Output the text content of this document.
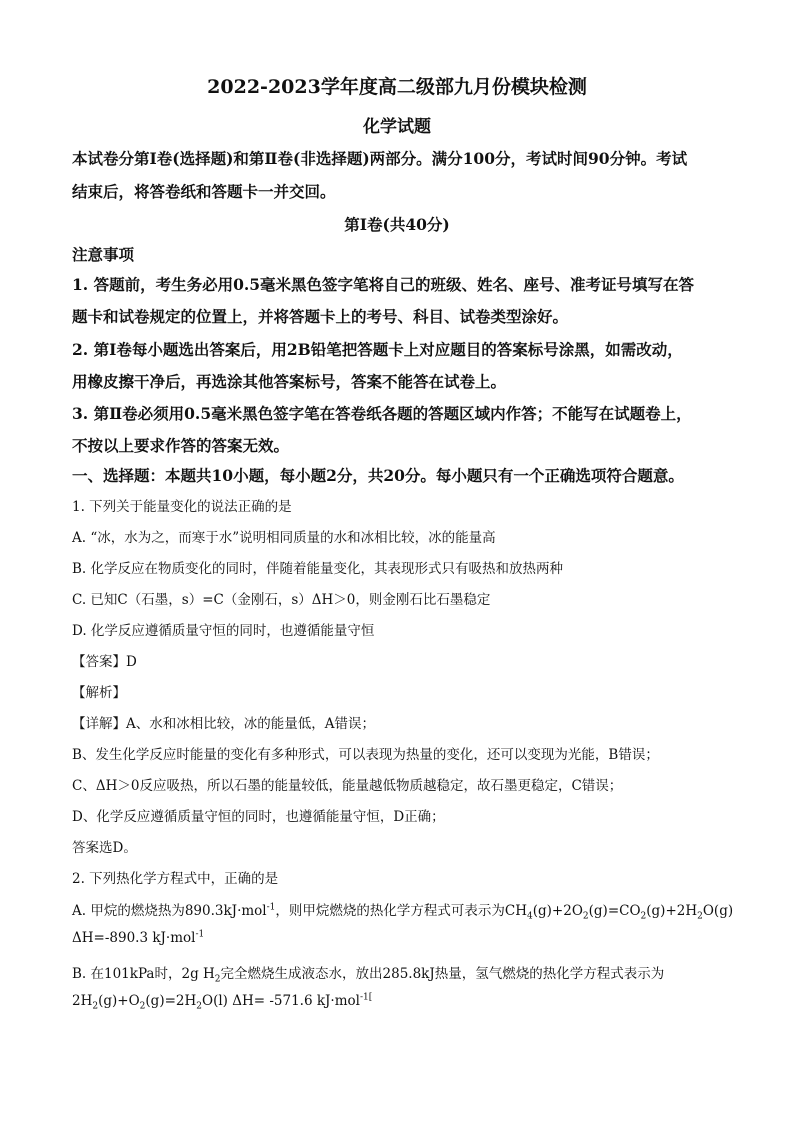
2022-2023学年度高二级部九月份模块检测
化学试题
本试卷分第Ⅰ卷(选择题)和第Ⅱ卷(非选择题)两部分。满分100分，考试时间90分钟。考试
结束后，将答卷纸和答题卡一并交回。
第Ⅰ卷(共40分)
注意事项
1. 答题前，考生务必用0.5毫米黑色签字笔将自己的班级、姓名、座号、准考证号填写在答
题卡和试卷规定的位置上，并将答题卡上的考号、科目、试卷类型涂好。
2. 第Ⅰ卷每小题选出答案后，用2B铅笔把答题卡上对应题目的答案标号涂黑，如需改动，
用橡皮擦干净后，再选涂其他答案标号，答案不能答在试卷上。
3. 第Ⅱ卷必须用0.5毫米黑色签字笔在答卷纸各题的答题区域内作答；不能写在试题卷上，
不按以上要求作答的答案无效。
一、选择题：本题共10小题，每小题2分，共20分。每小题只有一个正确选项符合题意。
1. 下列关于能量变化的说法正确的是
A. “冰，水为之，而寒于水”说明相同质量的水和冰相比较，冰的能量高
B. 化学反应在物质变化的同时，伴随着能量变化，其表现形式只有吸热和放热两种
C. 已知C（石墨，s）=C（金刚石，s）ΔH＞0，则金刚石比石墨稳定
D. 化学反应遵循质量守恒的同时，也遵循能量守恒
【答案】D
【解析】
【详解】A、水和冰相比较，冰的能量低，A错误；
B、发生化学反应时能量的变化有多种形式，可以表现为热量的变化，还可以变现为光能，B错误；
C、ΔH＞0反应吸热，所以石墨的能量较低，能量越低物质越稳定，故石墨更稳定，C错误；
D、化学反应遵循质量守恒的同时，也遵循能量守恒，D正确；
答案选D。
2. 下列热化学方程式中，正确的是
A. 甲烷的燃烧热为890.3kJ·mol$^{-1}$，则甲烷燃烧的热化学方程式可表示为$CH_4(g)+2O_2(g)=CO_2(g)+2H_2O(g)$
ΔH=-890.3 kJ·mol$^{-1}$
B. 在101kPa时，2g $H_2$完全燃烧生成液态水，放出285.8kJ热量，氢气燃烧的热化学方程式表示为
$2H_2(g)+O_2(g)=2H_2O(l)$ ΔH= -571.6 kJ·mol$^{-1[}$
